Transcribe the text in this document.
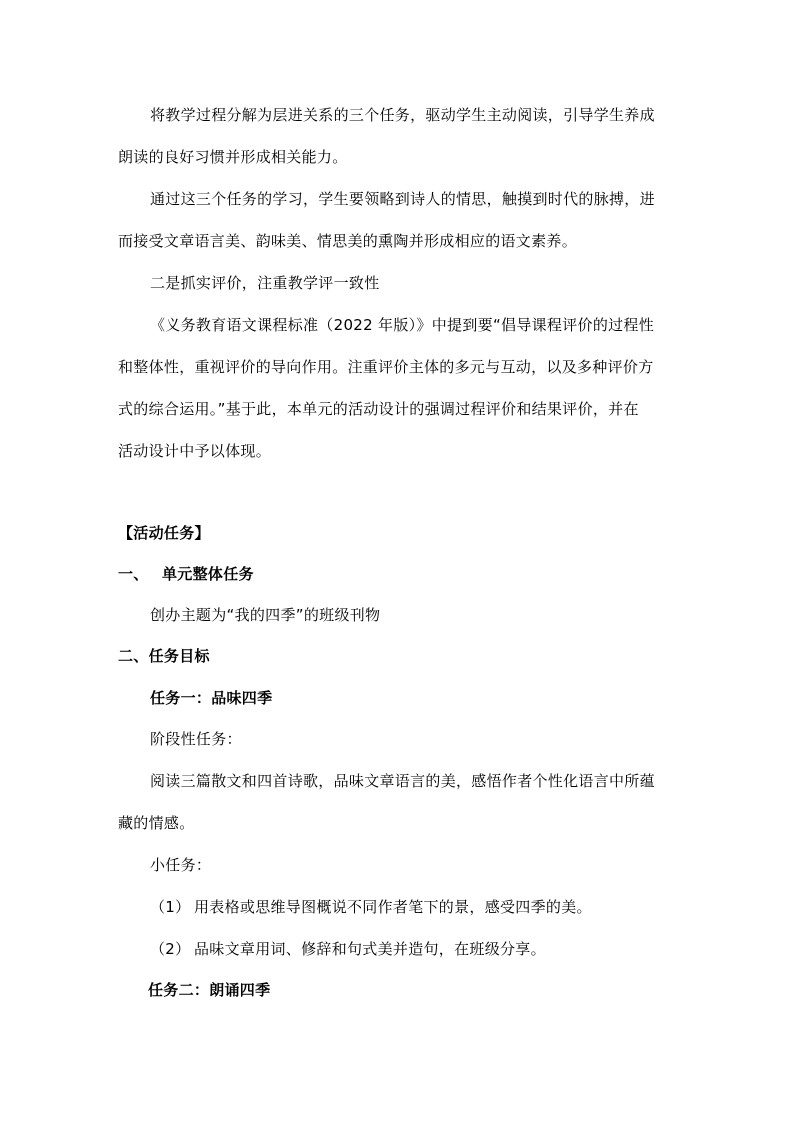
将教学过程分解为层进关系的三个任务，驱动学生主动阅读，引导学生养成
朗读的良好习惯并形成相关能力。
通过这三个任务的学习，学生要领略到诗人的情思，触摸到时代的脉搏，进
而接受文章语言美、韵味美、情思美的熏陶并形成相应的语文素养。
二是抓实评价，注重教学评一致性
《义务教育语文课程标准（2022 年版）》中提到要“倡导课程评价的过程性
和整体性，重视评价的导向作用。注重评价主体的多元与互动，以及多种评价方
式的综合运用。”基于此，本单元的活动设计的强调过程评价和结果评价，并在
活动设计中予以体现。
【活动任务】
一、 单元整体任务
创办主题为“我的四季”的班级刊物
二、任务目标
任务一：品味四季
阶段性任务：
阅读三篇散文和四首诗歌，品味文章语言的美，感悟作者个性化语言中所蕴
藏的情感。
小任务：
（1） 用表格或思维导图概说不同作者笔下的景，感受四季的美。
（2） 品味文章用词、修辞和句式美并造句，在班级分享。
任务二：朗诵四季
